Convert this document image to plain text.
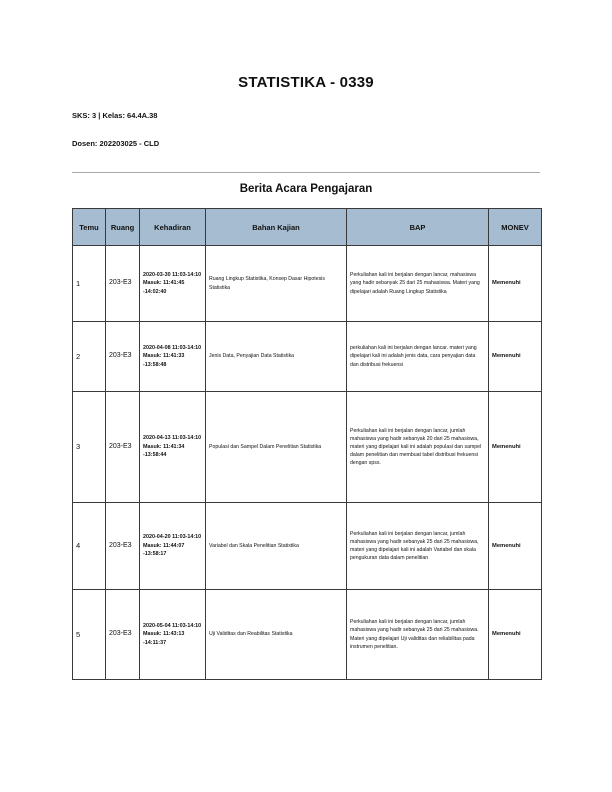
STATISTIKA - 0339
SKS: 3 | Kelas: 64.4A.38
Dosen: 202203025 - CLD
Berita Acara Pengajaran
Temu	Ruang	Kehadiran	Bahan Kajian	BAP	MONEV
1	203-E3	2020-03-30 11:03-14:10 Masuk: 11:41:45 -14:02:40	Ruang Lingkup Statistika, Konsep Dasar Hipotesis Statistika	Perkuliahan kali ini berjalan dengan lancar, mahasiswa yang hadir sebanyak 25 dari 25 mahasiswa. Materi yang dipelajari adalah Ruang Lingkup Statistika	Memenuhi
2	203-E3	2020-04-08 11:03-14:10 Masuk: 11:41:33 -13:58:48	Jenis Data, Penyajian Data Statistika	perkuliahan kali ini berjalan dengan lancar. materi yang dipelajari kali ini adalah jenis data, cara penyajian data dan distribusi frekuensi	Memenuhi
3	203-E3	2020-04-13 11:03-14:10 Masuk: 11:41:34 -13:58:44	Populasi dan Sampel Dalam Penelitian Statistika	Perkuliahan kali ini berjalan dengan lancar, jumlah mahasiswa yang hadir sebanyak 20 dari 25 mahasiswa, materi yang dipelajari kali ini adalah populasi dan sampel dalam penelitian dan membuat tabel distribusi frekuensi dengan spss.	Memenuhi
4	203-E3	2020-04-20 11:03-14:10 Masuk: 11:44:07 -13:58:17	Variabel dan Skala Penelitian Statistika	Perkuliahan kali ini berjalan dengan lancar, jumlah mahasiswa yang hadir sebanyak 25 dari 25 mahasiswa, materi yang dipelajari kali ini adalah Variabel dan skala pengukuran data dalam penelitian	Memenuhi
5	203-E3	2020-05-04 11:03-14:10 Masuk: 11:43:13 -14:11:37	Uji Validitas dan Reabilitas Statistika	Perkuliahan kali ini berjalan dengan lancar, jumlah mahasiswa yang hadir sebanyak 25 dari 25 mahasiswa. Materi yang dipelajari Uji validitas dan reliabilitas pada instrumen penelitian.	Memenuhi
